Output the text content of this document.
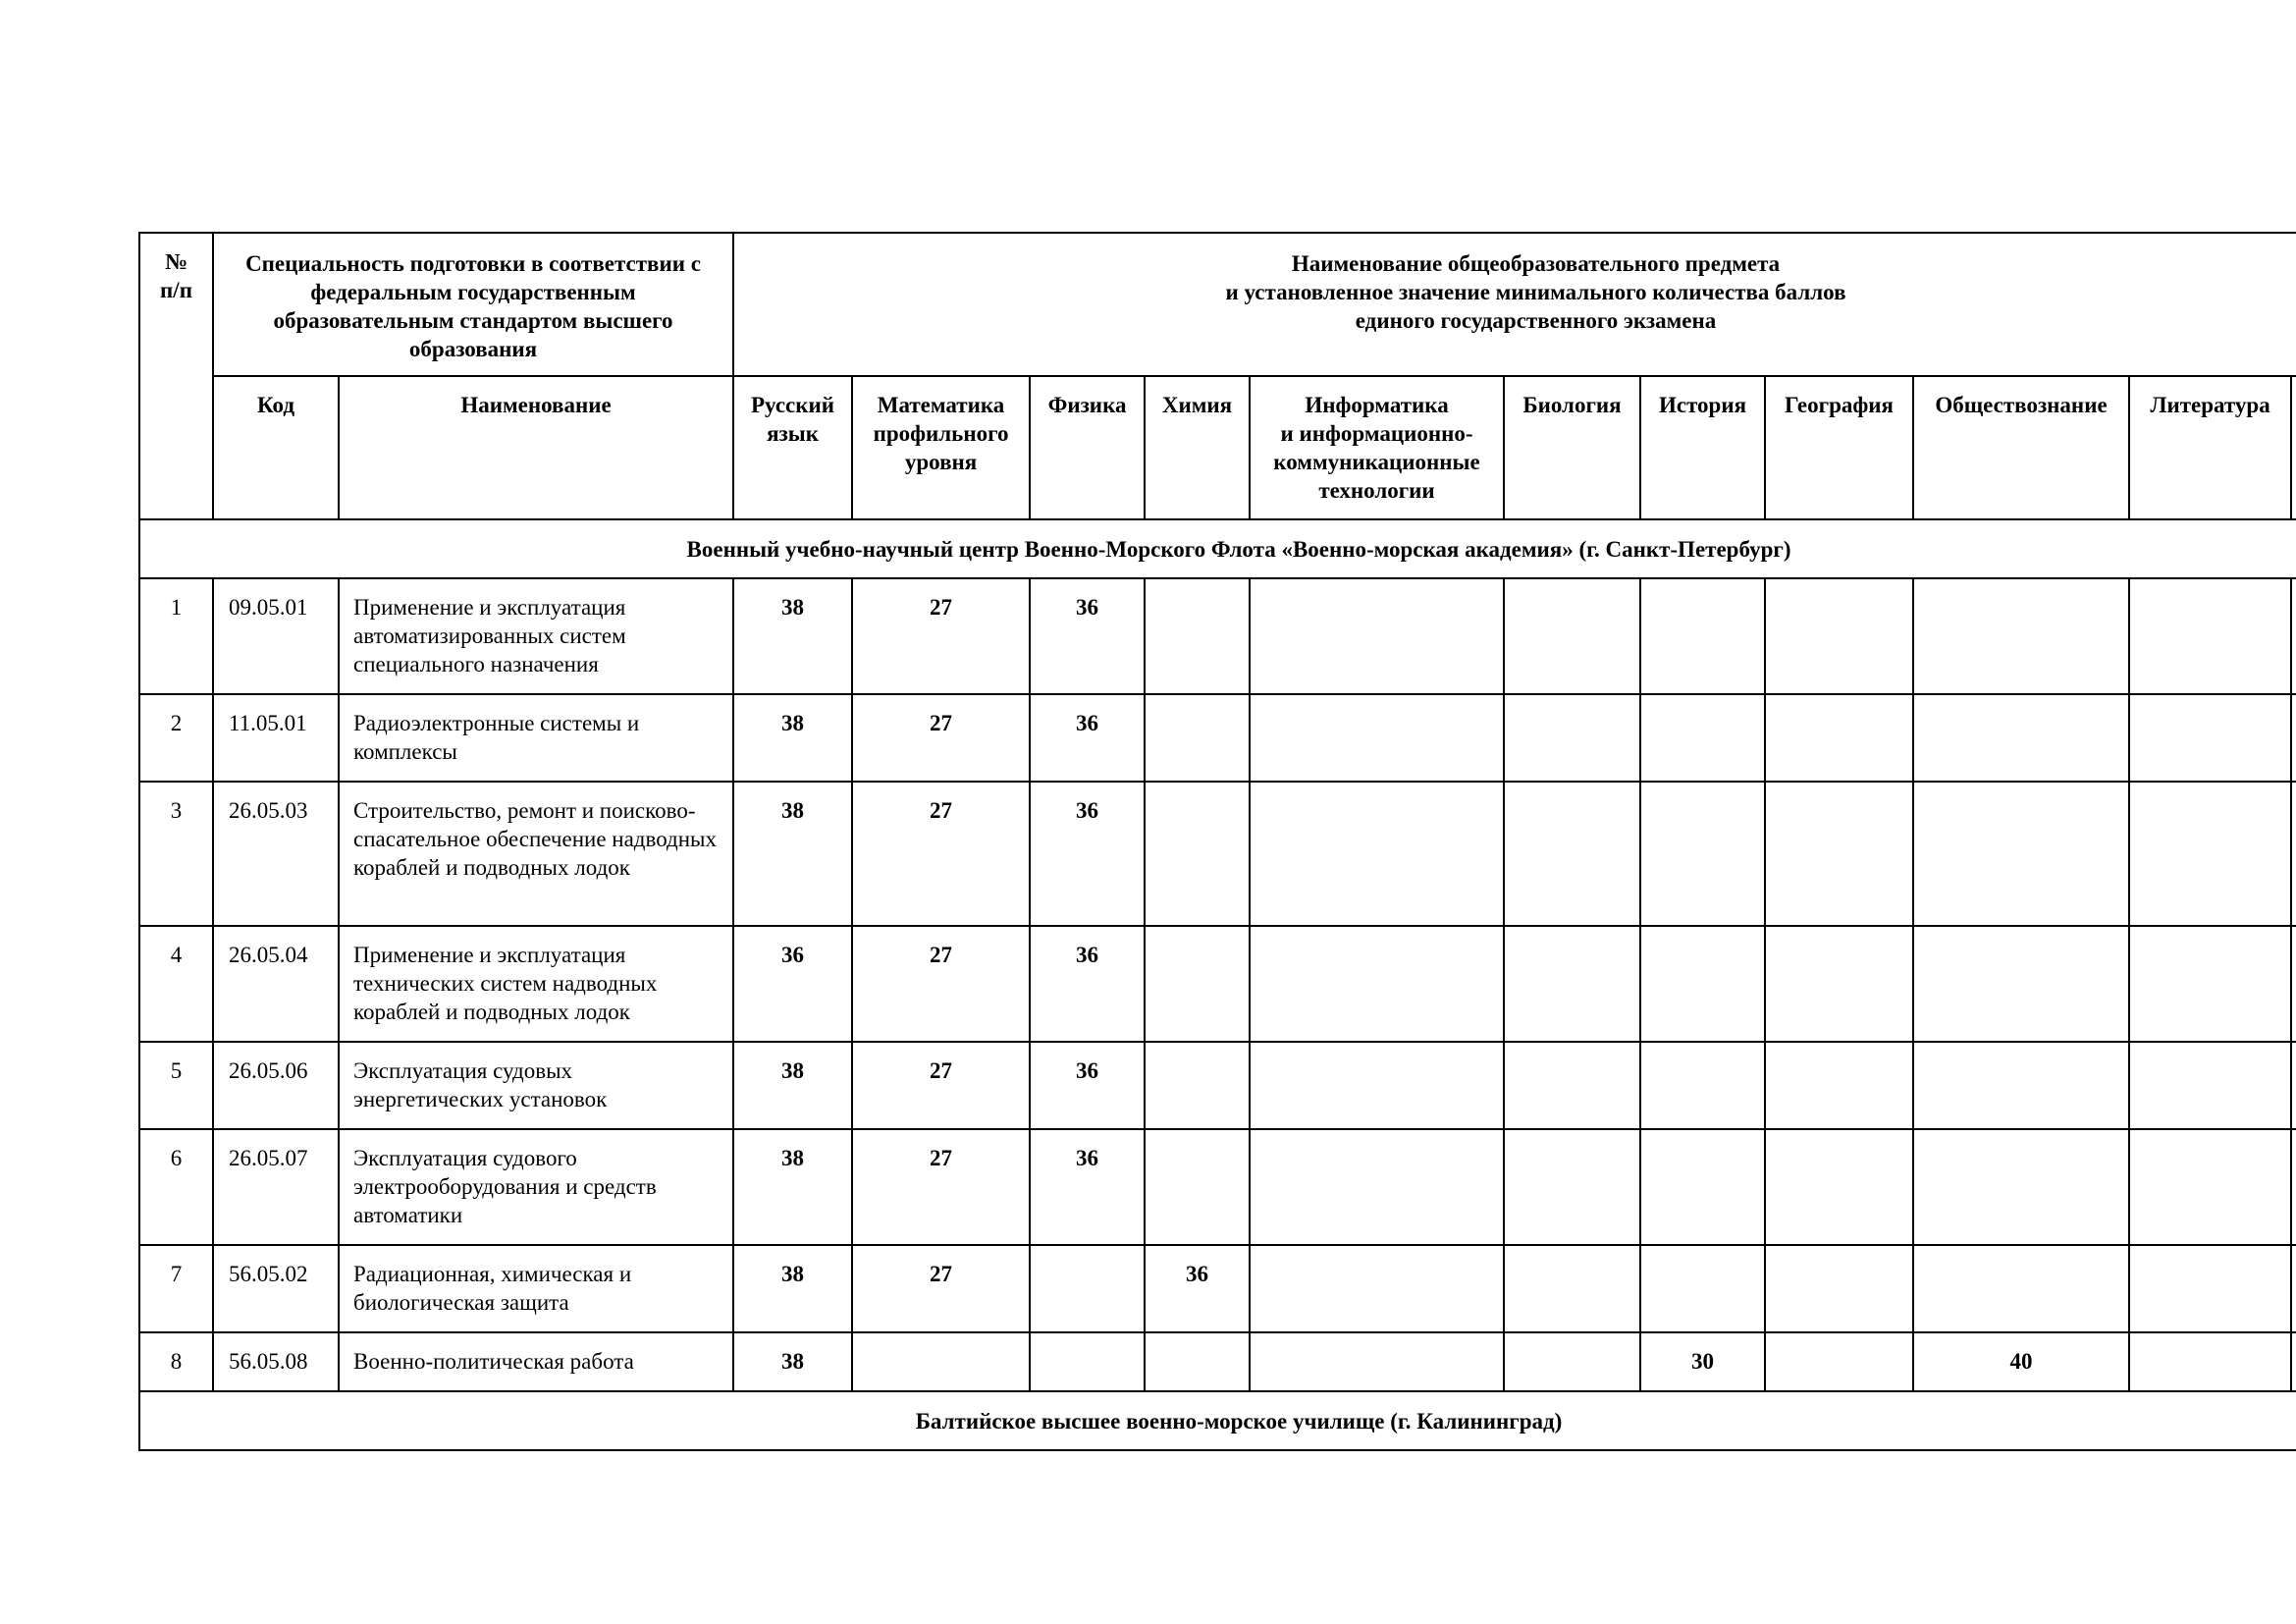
№
п/п	Специальность подготовки в соответствии с федеральным государственным образовательным стандартом высшего образования		Наименование общеобразовательного предмета
и установленное значение минимального количества баллов
единого государственного экзамена										
	Код	Наименование	Русский язык	Математика профильного уровня	Физика	Химия	Информатика
и информационно-коммуникационные технологии	Биология	История	География	Обществознание	Литература	
Военный учебно-научный центр Военно-Морского Флота «Военно-морская академия» (г. Санкт-Петербург)													
1	09.05.01	Применение и эксплуатация автоматизированных систем специального назначения	38	27	36								
2	11.05.01	Радиоэлектронные системы и комплексы	38	27	36								
3	26.05.03	Строительство, ремонт и поисково-спасательное обеспечение надводных кораблей и подводных лодок	38	27	36								
4	26.05.04	Применение и эксплуатация технических систем надводных кораблей и подводных лодок	36	27	36								
5	26.05.06	Эксплуатация судовых энергетических установок	38	27	36								
6	26.05.07	Эксплуатация судового электрооборудования и средств автоматики	38	27	36								
7	56.05.02	Радиационная, химическая и биологическая защита	38	27		36							
8	56.05.08	Военно-политическая работа	38						30		40		
Балтийское высшее военно-морское училище (г. Калининград)													
